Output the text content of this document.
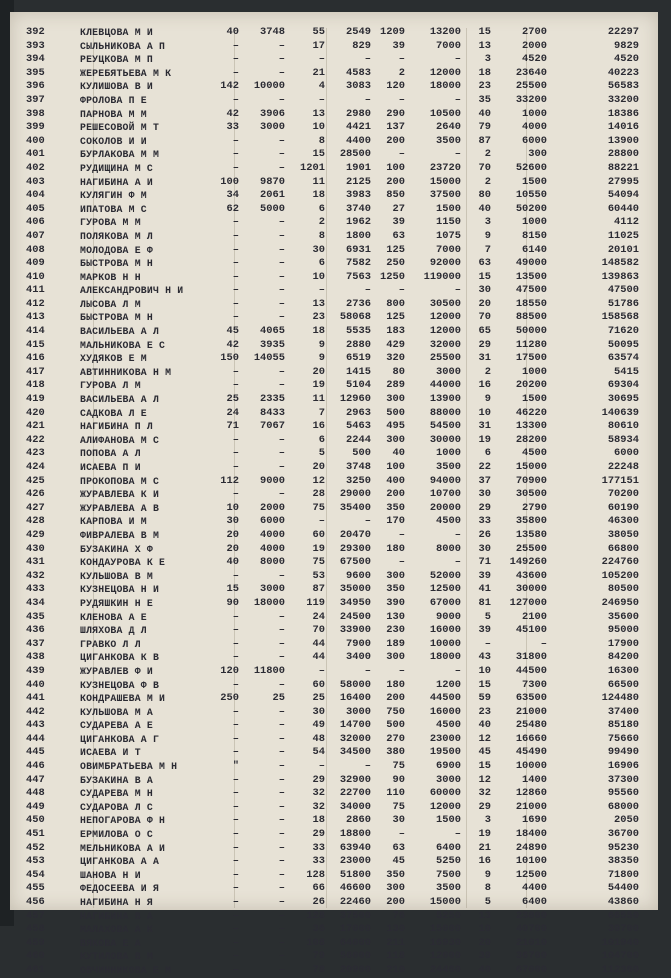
392	КЛЕВЦОВА М И	40	3748	55	2549	1209	13200	15	2700	22297
393	СЫЛЬНИКОВА А П	–	–	17	829	39	7000	13	2000	9829
394	РЕУЦКОВА М П	–	–	–	–	–	–	3	4520	4520
395	ЖЕРЕБЯТЬЕВА М К	–	–	21	4583	2	12000	18	23640	40223
396	КУЛИШОВА В И	142	10000	4	3083	120	18000	23	25500	56583
397	ФРОЛОВА П Е	–	–	–	–	–	–	35	33200	33200
398	ПАРНОВА М М	42	3906	13	2980	290	10500	40	1000	18386
399	РЕШЕСОВОЙ М Т	33	3000	10	4421	137	2640	79	4000	14016
400	СОКОЛОВ И И	–	–	8	4400	200	3500	87	6000	13900
401	БУРЛАКОВА М М	–	–	15	28500	–	–	2	300	28800
402	РУДИЩИНА М С	–	–	1201	1901	100	23720	70	52600	88221
403	НАГИБИНА А И	100	9870	11	2125	200	15000	2	1500	27995
404	КУЛЯГИН Ф М	34	2061	18	3983	850	37500	80	10550	54094
405	ИПАТОВА М С	62	5000	6	3740	27	1500	40	50200	60440
406	ГУРОВА М М	–	–	2	1962	39	1150	3	1000	4112
407	ПОЛЯКОВА М Л	–	–	8	1800	63	1075	9	8150	11025
408	МОЛОДОВА Е Ф	–	–	30	6931	125	7000	7	6140	20101
409	БЫСТРОВА М Н	–	–	6	7582	250	92000	63	49000	148582
410	МАРКОВ Н Н	–	–	10	7563	1250	119000	15	13500	139863
411	АЛЕКСАНДРОВИЧ Н И	–	–	–	–	–	–	30	47500	47500
412	ЛЫСОВА Л М	–	–	13	2736	800	30500	20	18550	51786
413	БЫСТРОВА М Н	–	–	23	58068	125	12000	70	88500	158568
414	ВАСИЛЬЕВА А Л	45	4065	18	5535	183	12000	65	50000	71620
415	МАЛЬНИКОВА Е С	42	3935	9	2880	429	32000	29	11280	50095
416	ХУДЯКОВ Е М	150	14055	9	6519	320	25500	31	17500	63574
417	АВТИННИКОВА Н М	–	–	20	1415	80	3000	2	1000	5415
418	ГУРОВА Л М	–	–	19	5104	289	44000	16	20200	69304
419	ВАСИЛЬЕВА А Л	25	2335	11	12960	300	13900	9	1500	30695
420	САДКОВА Л Е	24	8433	7	2963	500	88000	10	46220	140639
421	НАГИБИНА П Л	71	7067	16	5463	495	54500	31	13300	80610
422	АЛИФАНОВА М С	–	–	6	2244	300	30000	19	28200	58934
423	ПОПОВА А Л	–	–	5	500	40	1000	6	4500	6000
424	ИСАЕВА П И	–	–	20	3748	100	3500	22	15000	22248
425	ПРОКОПОВА М С	112	9000	12	3250	400	94000	37	70900	177151
426	ЖУРАВЛЕВА К И	–	–	28	29000	200	10700	30	30500	70200
427	ЖУРАВЛЕВА А В	10	2000	75	35400	350	20000	29	2790	60190
428	КАРПОВА И М	30	6000	–	–	170	4500	33	35800	46300
429	ФИВРАЛЕВА В М	20	4000	60	20470	–	–	26	13580	38050
430	БУЗАКИНА Х Ф	20	4000	19	29300	180	8000	30	25500	66800
431	КОНДАУРОВА К Е	40	8000	75	67500	–	–	71	149260	224760
432	КУЛЬШОВА В М	–	–	53	9600	300	52000	39	43600	105200
433	КУЗНЕЦОВА Н И	15	3000	87	35000	350	12500	41	30000	80500
434	РУДЯШКИН Н Е	90	18000	119	34950	390	67000	81	127000	246950
435	КЛЕНОВА А Е	–	–	24	24500	130	9000	5	2100	35600
436	ШЛЯХОВА Д Л	–	–	70	33900	230	16000	39	45100	95000
437	ГРАВКО Л Л	–	–	44	7900	189	10000	–	–	17900
438	ЦИГАНКОВА К В	–	–	44	3400	300	18000	43	31800	84200
439	ЖУРАВЛЕВ Ф И	120	11800	–	–	–	–	10	44500	16300
440	КУЗНЕЦОВА Ф В	–	–	60	58000	180	1200	15	7300	66500
441	КОНДРАШЕВА М И	250	25	25	16400	200	44500	59	63500	124480
442	КУЛЬШОВА М А	–	–	30	3000	750	16000	23	21000	37400
443	СУДАРЕВА А Е	–	–	49	14700	500	4500	40	25480	85180
444	ЦИГАНКОВА А Г	–	–	48	32000	270	23000	12	16660	75660
445	ИСАЕВА И Т	–	–	54	34500	380	19500	45	45490	99490
446	ОВИМБРАТЬЕВА М Н	"	–	–	–	75	6900	15	10000	16906
447	БУЗАКИНА В А	–	–	29	32900	90	3000	12	1400	37300
448	СУДАРЕВА М Н	–	–	32	22700	110	60000	32	12860	95560
449	СУДАРОВА Л С	–	–	32	34000	75	12000	29	21000	68000
450	НЕПОГАРОВА Ф Н	–	–	18	2860	30	1500	3	1690	2050
451	ЕРМИЛОВА О С	–	–	29	18800	–	–	19	18400	36700
452	МЕЛЬНИКОВА А И	–	–	33	63940	63	6400	21	24890	95230
453	ЦИГАНКОВА А А	–	–	33	23000	45	5250	16	10100	38350
454	ШАНОВА Н И	–	–	128	51800	350	7500	9	12500	71800
455	ФЕДОСЕЕВА И Я	–	–	66	46600	300	3500	8	4400	54400
456	НАГИБИНА Н Я	–	–	26	22460	200	15000	5	6400	43860
457	НАГИБИНА В А	–	–	128	37500	76	5250	13	23800	66550
458	МАЛАХОВА А К	–	–	36	17000	130	15000	10	40700	39700
459	ВЯКОВА Е А	–	–	108	64000	211	16930	20	21010	101940
460	КУТИЛОВА В М	–	–	79	56000	118	12000	39	36700	104700
461	ОВЧИННИКОВА Е М	–	–	78	20900	210	24460	40	67000	112360
